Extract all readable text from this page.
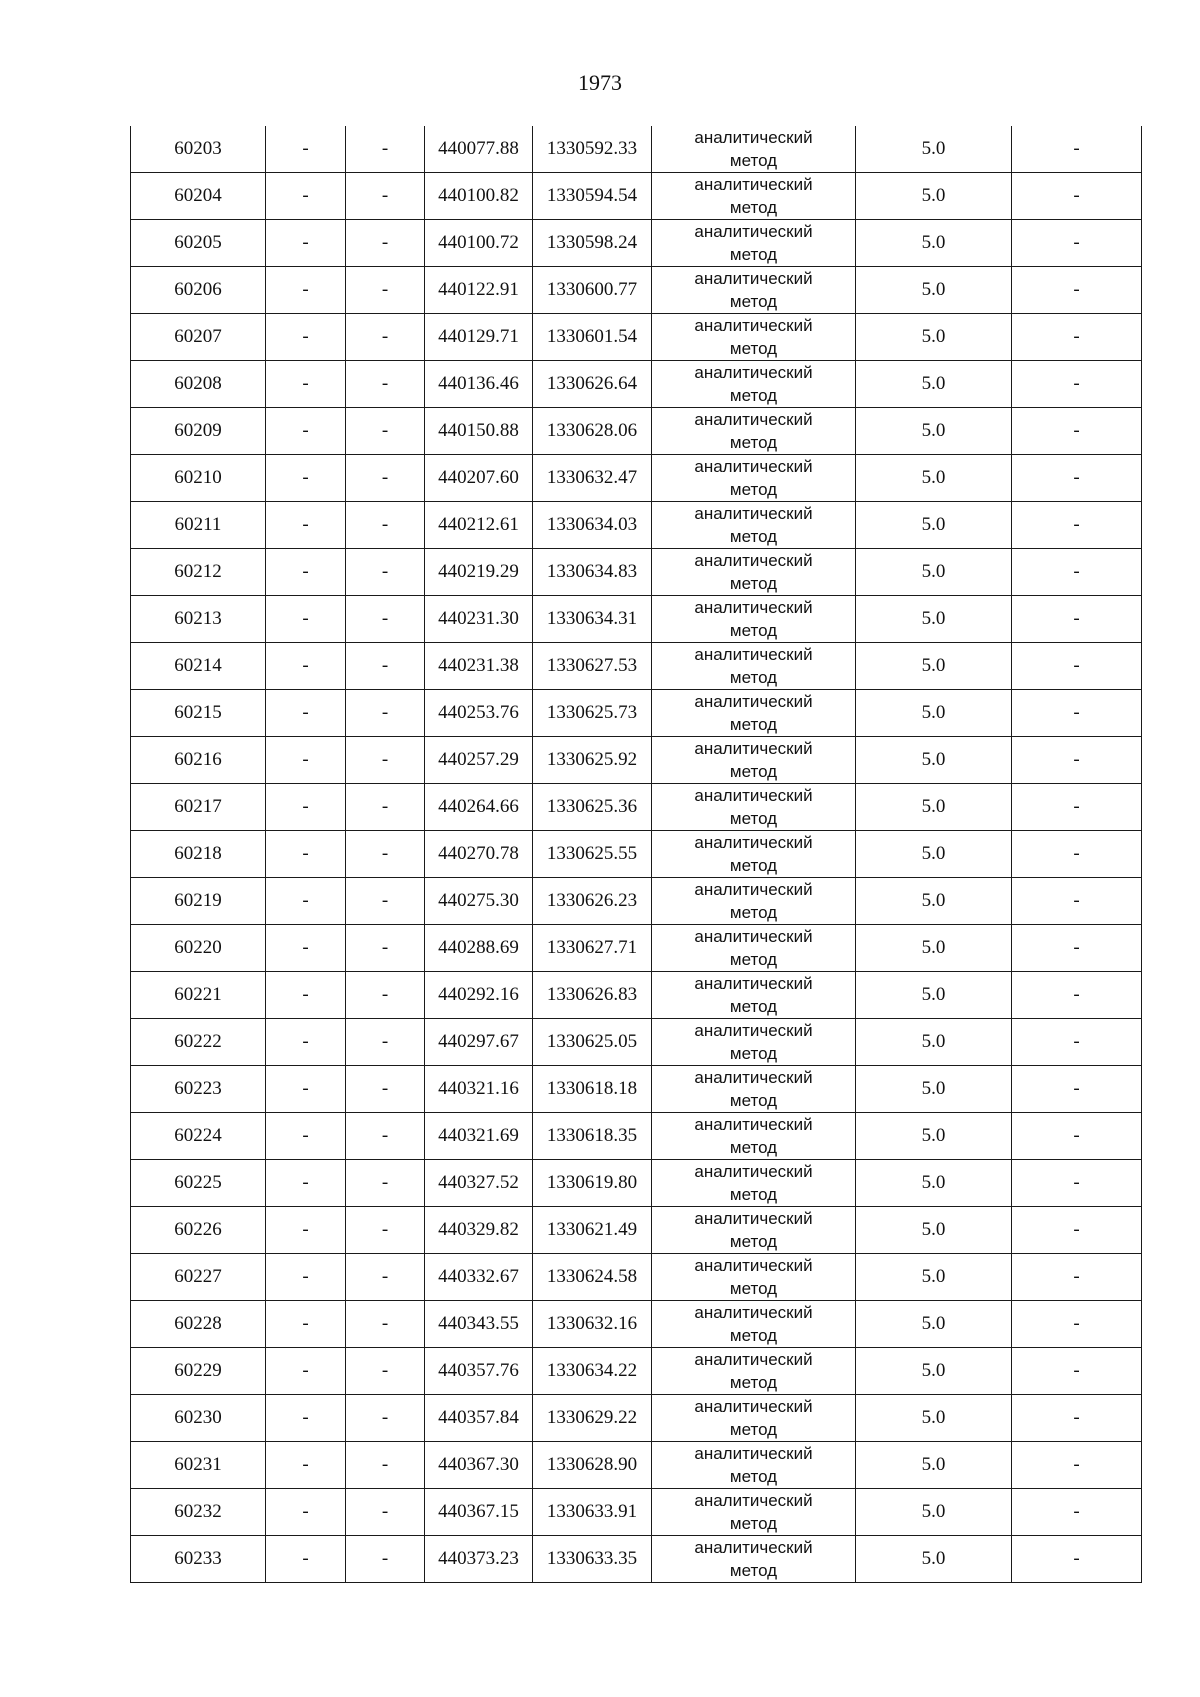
1973
60203	-	-	440077.88	1330592.33	аналитический
метод	5.0	-
60204	-	-	440100.82	1330594.54	аналитический
метод	5.0	-
60205	-	-	440100.72	1330598.24	аналитический
метод	5.0	-
60206	-	-	440122.91	1330600.77	аналитический
метод	5.0	-
60207	-	-	440129.71	1330601.54	аналитический
метод	5.0	-
60208	-	-	440136.46	1330626.64	аналитический
метод	5.0	-
60209	-	-	440150.88	1330628.06	аналитический
метод	5.0	-
60210	-	-	440207.60	1330632.47	аналитический
метод	5.0	-
60211	-	-	440212.61	1330634.03	аналитический
метод	5.0	-
60212	-	-	440219.29	1330634.83	аналитический
метод	5.0	-
60213	-	-	440231.30	1330634.31	аналитический
метод	5.0	-
60214	-	-	440231.38	1330627.53	аналитический
метод	5.0	-
60215	-	-	440253.76	1330625.73	аналитический
метод	5.0	-
60216	-	-	440257.29	1330625.92	аналитический
метод	5.0	-
60217	-	-	440264.66	1330625.36	аналитический
метод	5.0	-
60218	-	-	440270.78	1330625.55	аналитический
метод	5.0	-
60219	-	-	440275.30	1330626.23	аналитический
метод	5.0	-
60220	-	-	440288.69	1330627.71	аналитический
метод	5.0	-
60221	-	-	440292.16	1330626.83	аналитический
метод	5.0	-
60222	-	-	440297.67	1330625.05	аналитический
метод	5.0	-
60223	-	-	440321.16	1330618.18	аналитический
метод	5.0	-
60224	-	-	440321.69	1330618.35	аналитический
метод	5.0	-
60225	-	-	440327.52	1330619.80	аналитический
метод	5.0	-
60226	-	-	440329.82	1330621.49	аналитический
метод	5.0	-
60227	-	-	440332.67	1330624.58	аналитический
метод	5.0	-
60228	-	-	440343.55	1330632.16	аналитический
метод	5.0	-
60229	-	-	440357.76	1330634.22	аналитический
метод	5.0	-
60230	-	-	440357.84	1330629.22	аналитический
метод	5.0	-
60231	-	-	440367.30	1330628.90	аналитический
метод	5.0	-
60232	-	-	440367.15	1330633.91	аналитический
метод	5.0	-
60233	-	-	440373.23	1330633.35	аналитический
метод	5.0	-
